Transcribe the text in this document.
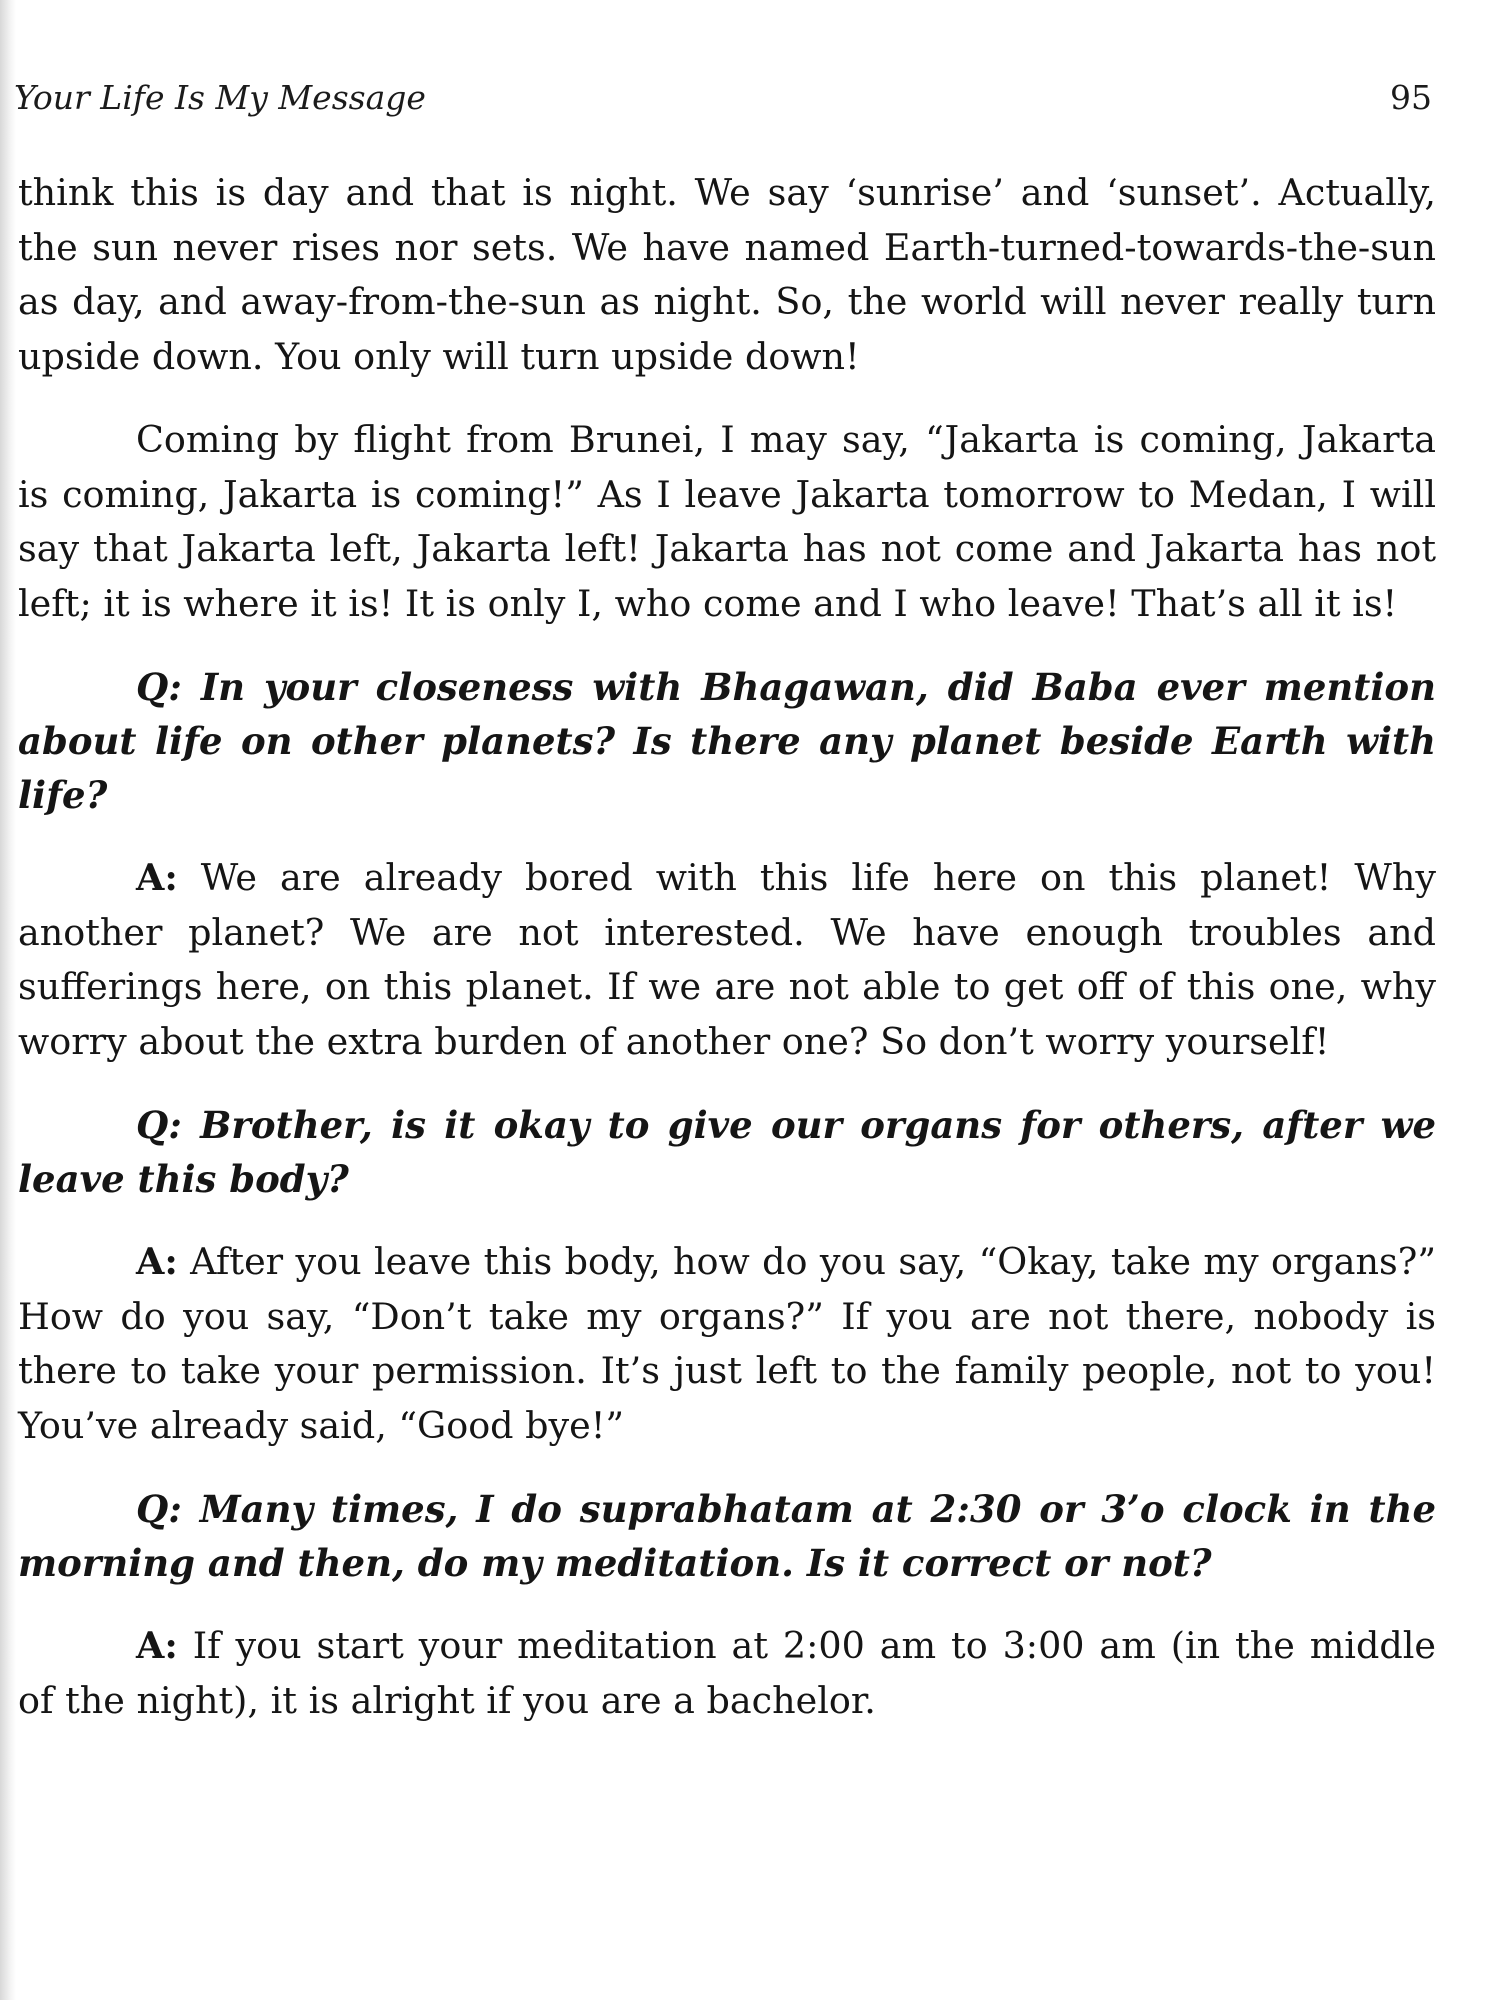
Your Life Is My Message	95

think this is day and that is night. We say ‘sunrise’ and ‘sunset’. Actually, the sun never rises nor sets. We have named Earth-turned-towards-the-sun as day, and away-from-the-sun as night. So, the world will never really turn upside down. You only will turn upside down!

Coming by flight from Brunei, I may say, “Jakarta is coming, Jakarta is coming, Jakarta is coming!” As I leave Jakarta tomorrow to Medan, I will say that Jakarta left, Jakarta left! Jakarta has not come and Jakarta has not left; it is where it is! It is only I, who come and I who leave! That’s all it is!

Q: In your closeness with Bhagawan, did Baba ever mention about life on other planets? Is there any planet beside Earth with life?

A: We are already bored with this life here on this planet! Why another planet? We are not interested. We have enough troubles and sufferings here, on this planet. If we are not able to get off of this one, why worry about the extra burden of another one? So don’t worry yourself!

Q: Brother, is it okay to give our organs for others, after we leave this body?

A: After you leave this body, how do you say, “Okay, take my organs?” How do you say, “Don’t take my organs?” If you are not there, nobody is there to take your permission. It’s just left to the family people, not to you! You’ve already said, “Good bye!”

Q: Many times, I do suprabhatam at 2:30 or 3’o clock in the morning and then, do my meditation. Is it correct or not?

A: If you start your meditation at 2:00 am to 3:00 am (in the middle of the night), it is alright if you are a bachelor.
